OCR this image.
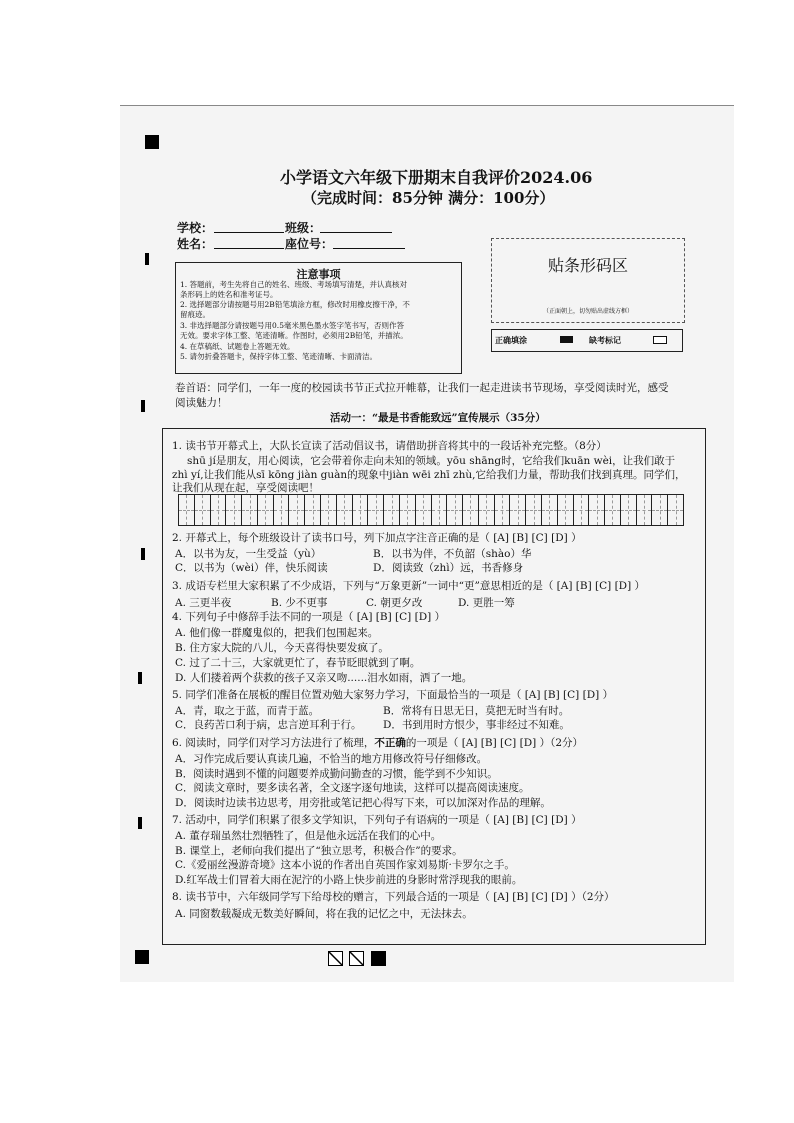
小学语文六年级下册期末自我评价2024.06
（完成时间：85分钟 满分：100分）
学校：	班级：
姓名：	座位号：
注意事项
1. 答题前，考生先将自己的姓名、班级、考场填写清楚，并认真核对
条形码上的姓名和准考证号。
2. 选择题部分请按题号用2B铅笔填涂方框，修改时用橡皮擦干净，不
留痕迹。
3. 非选择题部分请按题号用0.5毫米黑色墨水签字笔书写，否则作答
无效。要求字体工整、笔迹清晰。作图时，必须用2B铅笔，并描浓。
4. 在草稿纸、试题卷上答题无效。
5. 请勿折叠答题卡，保持字体工整、笔迹清晰、卡面清洁。
贴条形码区
（正面朝上，切勿贴出虚线方框）
正确填涂	缺考标记
卷首语：同学们，一年一度的校园读书节正式拉开帷幕，让我们一起走进读书节现场，享受阅读时光，感受
阅读魅力！
活动一：“最是书香能致远”宣传展示（35分）
1. 读书节开幕式上，大队长宣读了活动倡议书，请借助拼音将其中的一段话补充完整。（8分）
shū jí是朋友，用心阅读，它会带着你走向未知的领域。yōu shāng时，它给我们kuān wèi，让我们敢于
zhì yí,让我们能从sī kōng jiàn guàn的现象中jiàn wēi zhī zhù,它给我们力量，帮助我们找到真理。同学们，
让我们从现在起，享受阅读吧！
2. 开幕式上，每个班级设计了读书口号，列下加点字注音正确的是（ [A] [B] [C] [D] ）
A．以书为友，一生受益（yù）	B．以书为伴，不负韶（shào）华
C．以书为（wèi）伴，快乐阅读	D．阅读致（zhì）远，书香修身
3. 成语专栏里大家积累了不少成语，下列与“万象更新”一词中“更”意思相近的是（ [A] [B] [C] [D] ）
A. 三更半夜	B. 少不更事	C. 朝更夕改	D. 更胜一筹
4. 下列句子中修辞手法不同的一项是（ [A] [B] [C] [D] ）
A. 他们像一群魔鬼似的，把我们包围起来。
B. 住方家大院的八儿，今天喜得快要发疯了。
C. 过了二十三，大家就更忙了，春节眨眼就到了啊。
D. 人们搂着两个获救的孩子又亲又吻......泪水如雨，洒了一地。
5. 同学们准备在展板的醒目位置劝勉大家努力学习，下面最恰当的一项是（ [A] [B] [C] [D] ）
A．青，取之于蓝，而青于蓝。	B．常将有日思无日，莫把无时当有时。
C．良药苦口利于病，忠言逆耳利于行。 D．书到用时方恨少，事非经过不知难。
6. 阅读时，同学们对学习方法进行了梳理，不正确的一项是（ [A] [B] [C] [D] ）（2分）
A．习作完成后要认真读几遍，不恰当的地方用修改符号仔细修改。
B．阅读时遇到不懂的问题要养成勤问勤查的习惯，能学到不少知识。
C．阅读文章时，要多读名著，全文逐字逐句地读，这样可以提高阅读速度。
D．阅读时边读书边思考，用旁批或笔记把心得写下来，可以加深对作品的理解。
7. 活动中，同学们积累了很多文学知识，下列句子有语病的一项是（ [A] [B] [C] [D] ）
A. 董存瑞虽然壮烈牺牲了，但是他永远活在我们的心中。
B. 课堂上，老师向我们提出了“独立思考，积极合作”的要求。
C.《爱丽丝漫游奇境》这本小说的作者出自英国作家刘易斯·卡罗尔之手。
D.红军战士们冒着大雨在泥泞的小路上快步前进的身影时常浮现我的眼前。
8. 读书节中，六年级同学写下给母校的赠言，下列最合适的一项是（ [A] [B] [C] [D] ）（2分）
A. 同窗数载凝成无数美好瞬间，将在我的记忆之中，无法抹去。
